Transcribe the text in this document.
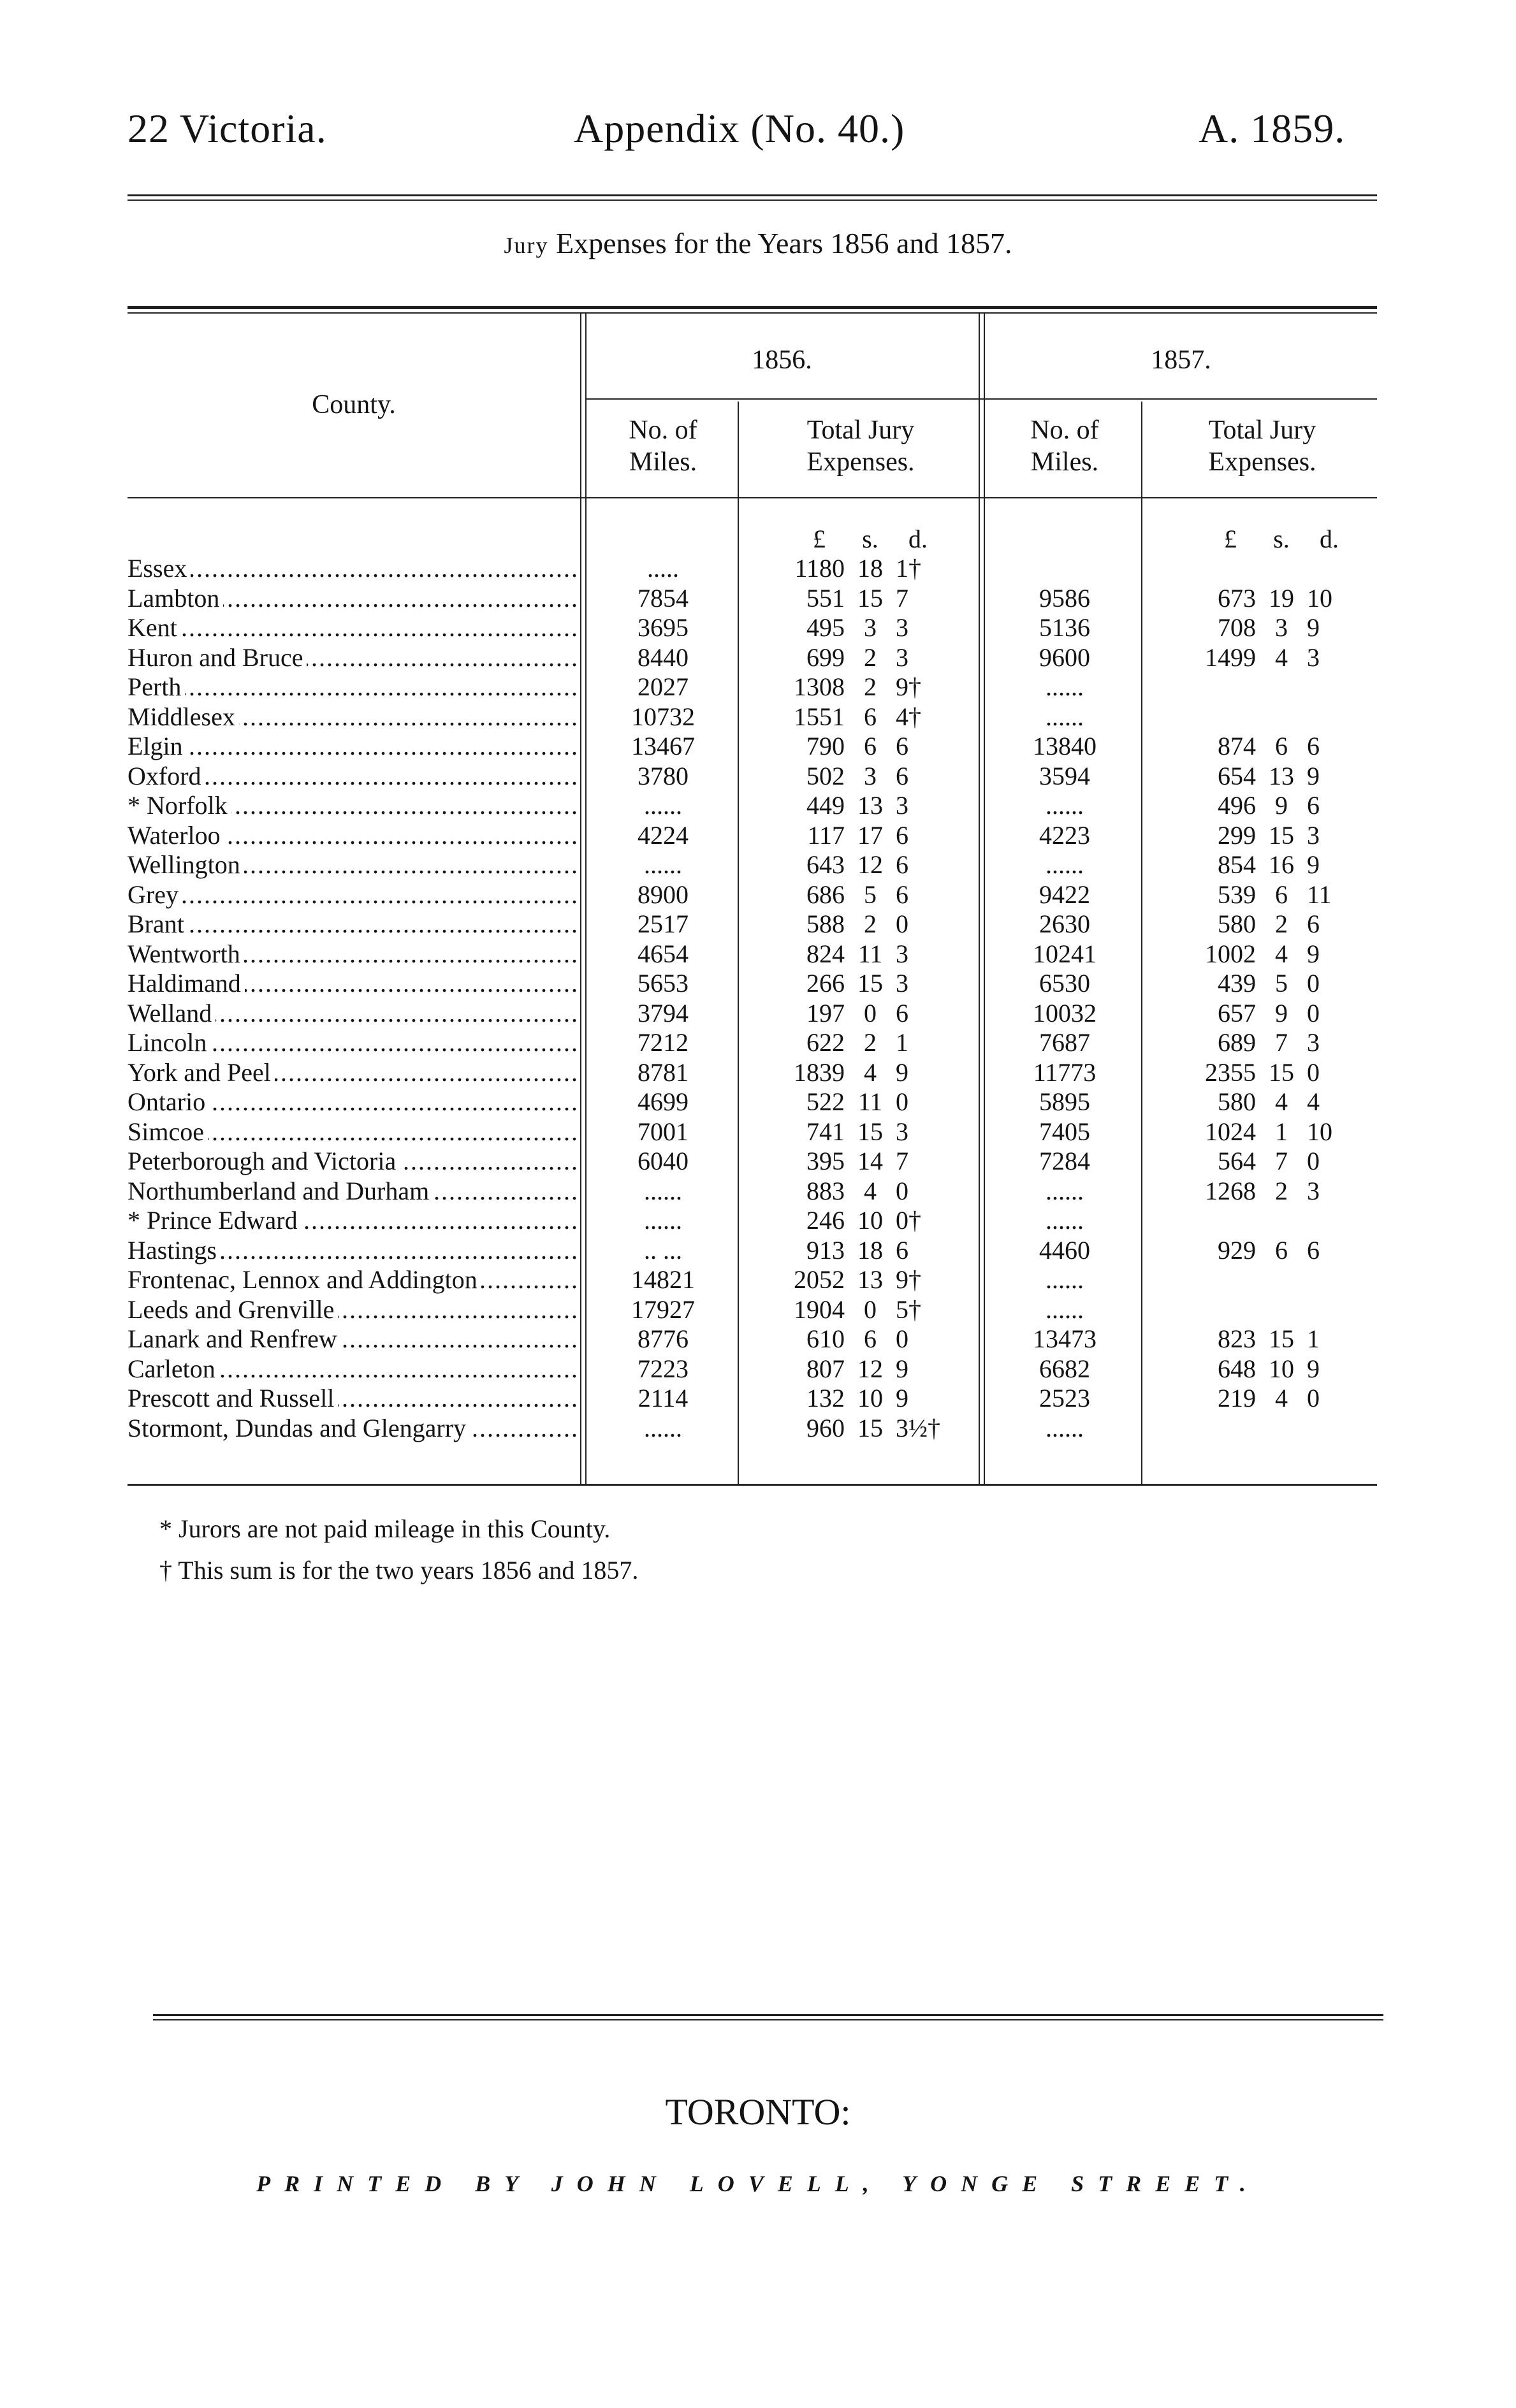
22 Victoria.	Appendix (No. 40.)	A. 1859.
Jury Expenses for the Years 1856 and 1857.
County.
1856.	1857.
No. of Miles.
Total Jury Expenses.
No. of Miles.
Total Jury Expenses.
£	s.	d.	£	s.	d.
..... Essex	.....	1180 18 1†
..... Lambton	7854	551 15 7	9586	673 19 10
..... Kent	3695	495 3 3	5136	708 3 9
..... Huron and Bruce	8440	699 2 3	9600	1499 4 3
..... Perth	2027	1308 2 9†	......
..... Middlesex	10732	1551 6 4†	......
..... Elgin	13467	790 6 6	13840	874 6 6
..... Oxford	3780	502 3 6	3594	654 13 9
..... * Norfolk	......	449 13 3	......	496 9 6
..... Waterloo	4224	117 17 6	4223	299 15 3
..... Wellington	......	643 12 6	......	854 16 9
..... Grey	8900	686 5 6	9422	539 6 11
..... Brant	2517	588 2 0	2630	580 2 6
..... Wentworth	4654	824 11 3	10241	1002 4 9
..... Haldimand	5653	266 15 3	6530	439 5 0
..... Welland	3794	197 0 6	10032	657 9 0
..... Lincoln	7212	622 2 1	7687	689 7 3
..... York and Peel	8781	1839 4 9	11773	2355 15 0
..... Ontario	4699	522 11 0	5895	580 4 4
..... Simcoe	7001	741 15 3	7405	1024 1 10
..... Peterborough and Victoria	6040	395 14 7	7284	564 7 0
..... Northumberland and Durham	......	883 4 0	......	1268 2 3
..... * Prince Edward	......	246 10 0†	......
..... Hastings	.. ...	913 18 6	4460	929 6 6
..... Frontenac, Lennox and Addington	14821	2052 13 9†	......
..... Leeds and Grenville	17927	1904 0 5†	......
..... Lanark and Renfrew	8776	610 6 0	13473	823 15 1
..... Carleton	7223	807 12 9	6682	648 10 9
..... Prescott and Russell	2114	132 10 9	2523	219 4 0
..... Stormont, Dundas and Glengarry	......	960 15 3½†	......
* Jurors are not paid mileage in this County.
† This sum is for the two years 1856 and 1857.
TORONTO:
PRINTED BY JOHN LOVELL, YONGE STREET.
